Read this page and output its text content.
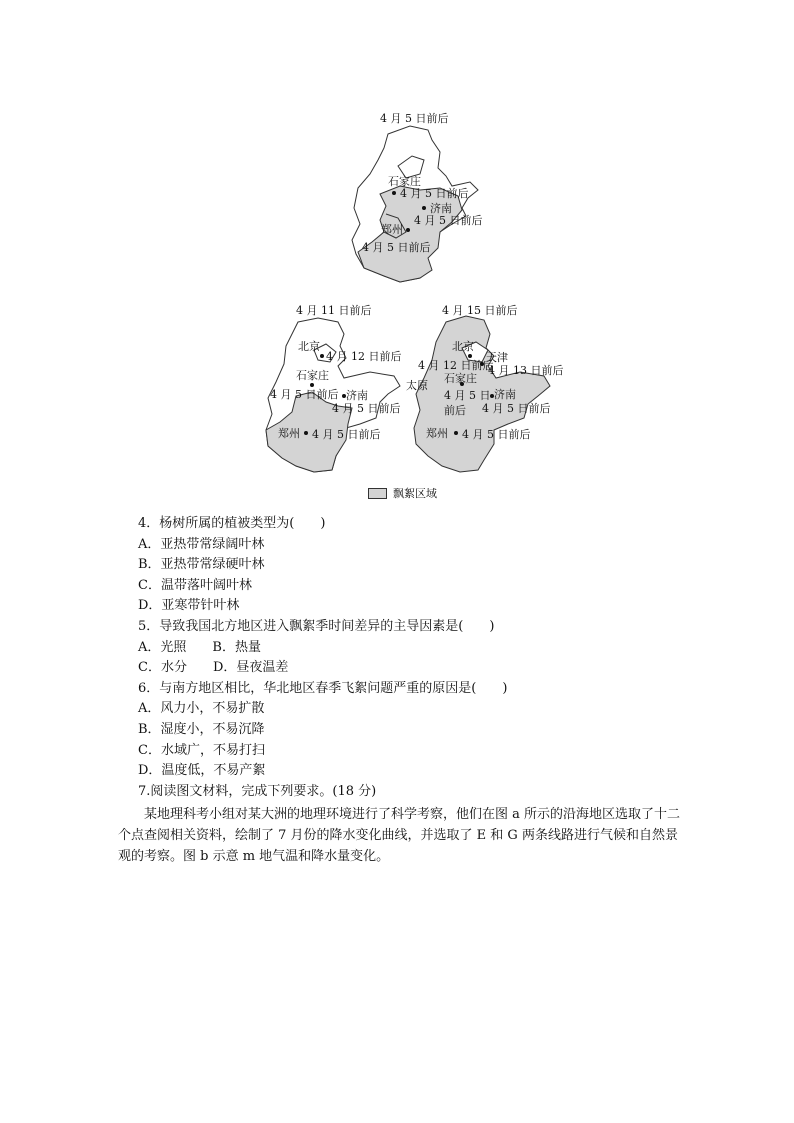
4 月 5 日前后
石家庄
4 月 5 日前后
济南
4 月 5 日前后
郑州
4 月 5 日前后
4 月 11 日前后
北京
4 月 12 日前后
石家庄
4 月 5 日前后 济南
4 月 5 日前后
郑州 4 月 5 日前后
4 月 15 日前后
北京
天津
4 月 12 日前后
4 月 13 日前后
太原
石家庄
4 月 5 日
前后
济南
4 月 5 日前后
郑州 4 月 5 日前后
飘絮区域
4．杨树所属的植被类型为(　　)
A．亚热带常绿阔叶林
B．亚热带常绿硬叶林
C．温带落叶阔叶林
D．亚寒带针叶林
5．导致我国北方地区进入飘絮季时间差异的主导因素是(　　)
A．光照　　B．热量
C．水分　　D．昼夜温差
6．与南方地区相比，华北地区春季飞絮问题严重的原因是(　　)
A．风力小，不易扩散
B．湿度小，不易沉降
C．水域广，不易打扫
D．温度低，不易产絮
7.阅读图文材料，完成下列要求。(18 分)
某地理科考小组对某大洲的地理环境进行了科学考察，他们在图 a 所示的沿海地区选取了十二个点查阅相关资料，绘制了 7 月份的降水变化曲线，并选取了 E 和 G 两条线路进行气候和自然景观的考察。图 b 示意 m 地气温和降水量变化。
